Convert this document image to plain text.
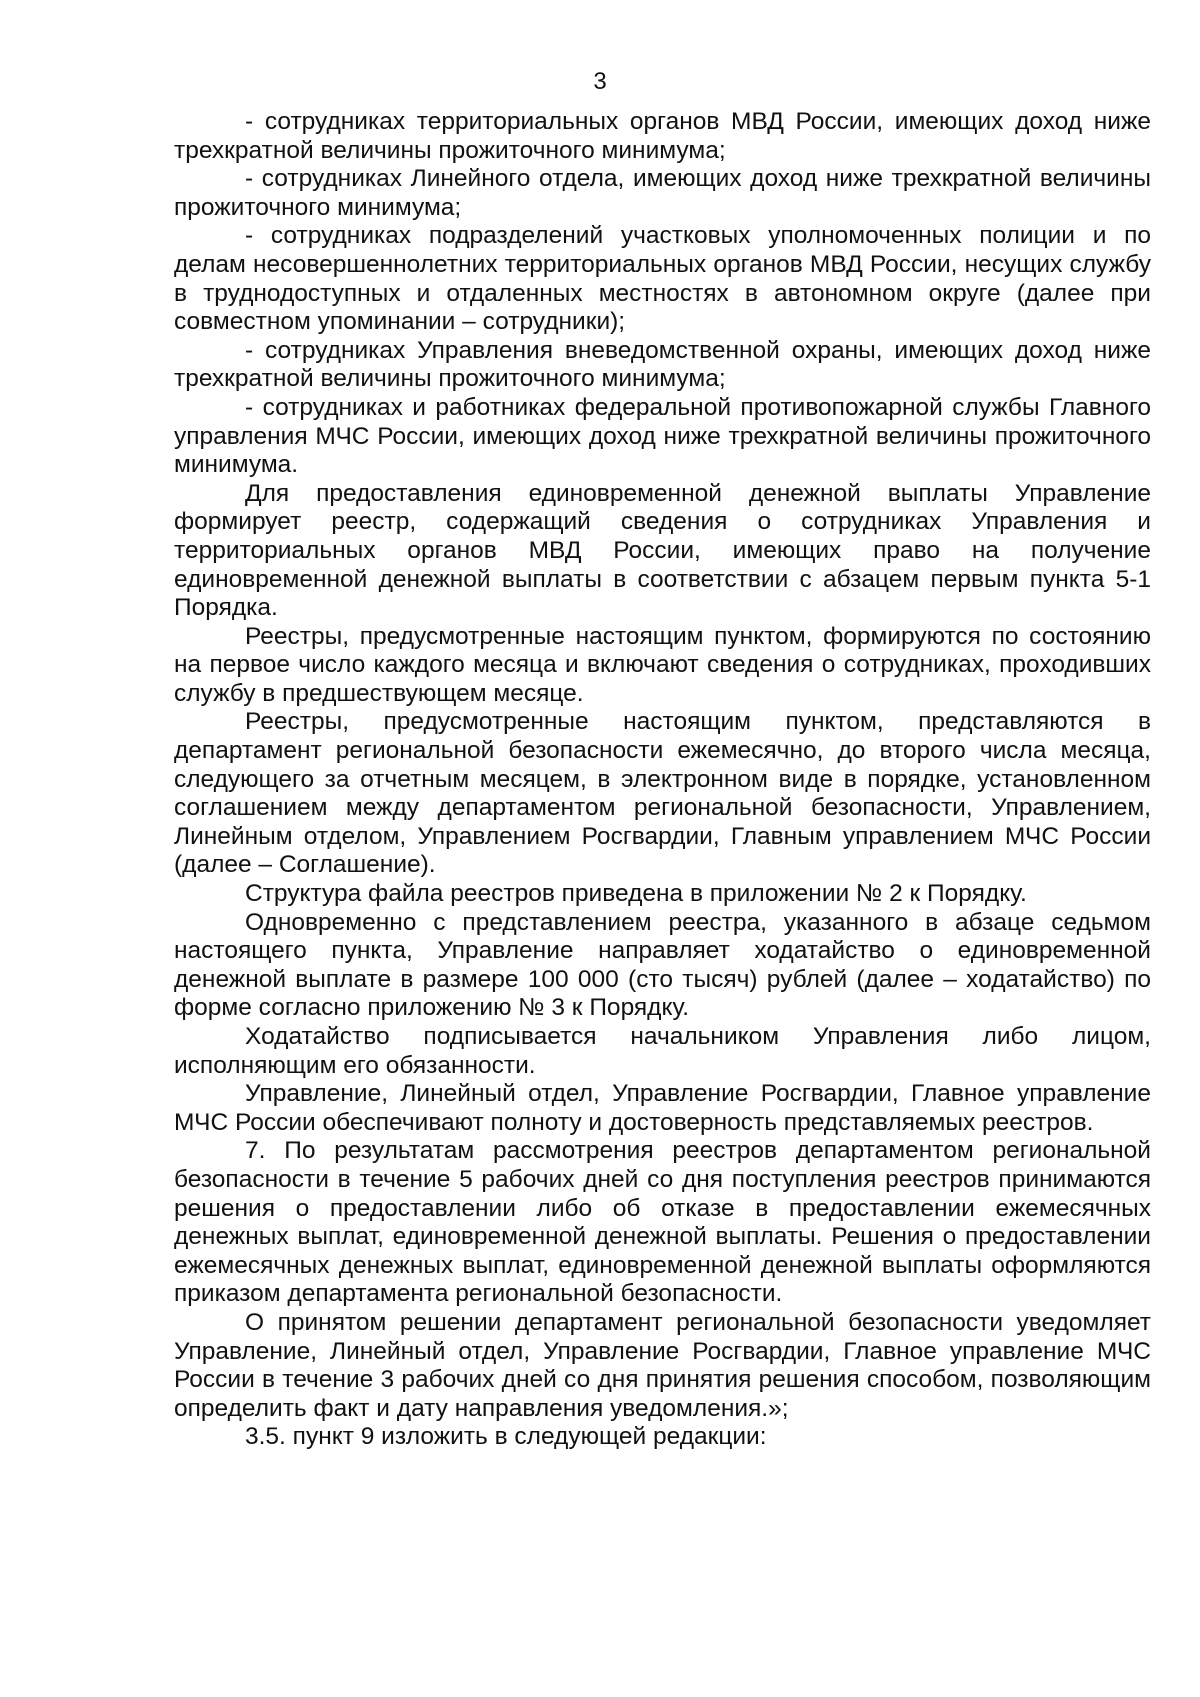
3

- сотрудниках территориальных органов МВД России, имеющих доход ниже трехкратной величины прожиточного минимума;

- сотрудниках Линейного отдела, имеющих доход ниже трехкратной величины прожиточного минимума;

- сотрудниках подразделений участковых уполномоченных полиции и по делам несовершеннолетних территориальных органов МВД России, несущих службу в труднодоступных и отдаленных местностях в автономном округе (далее при совместном упоминании – сотрудники);

- сотрудниках Управления вневедомственной охраны, имеющих доход ниже трехкратной величины прожиточного минимума;

- сотрудниках и работниках федеральной противопожарной службы Главного управления МЧС России, имеющих доход ниже трехкратной величины прожиточного минимума.

Для предоставления единовременной денежной выплаты Управление формирует реестр, содержащий сведения о сотрудниках Управления и территориальных органов МВД России, имеющих право на получение единовременной денежной выплаты в соответствии с абзацем первым пункта 5-1 Порядка.

Реестры, предусмотренные настоящим пунктом, формируются по состоянию на первое число каждого месяца и включают сведения о сотрудниках, проходивших службу в предшествующем месяце.

Реестры, предусмотренные настоящим пунктом, представляются в департамент региональной безопасности ежемесячно, до второго числа месяца, следующего за отчетным месяцем, в электронном виде в порядке, установленном соглашением между департаментом региональной безопасности, Управлением, Линейным отделом, Управлением Росгвардии, Главным управлением МЧС России (далее – Соглашение).

Структура файла реестров приведена в приложении № 2 к Порядку.

Одновременно с представлением реестра, указанного в абзаце седьмом настоящего пункта, Управление направляет ходатайство о единовременной денежной выплате в размере 100 000 (сто тысяч) рублей (далее – ходатайство) по форме согласно приложению № 3 к Порядку.

Ходатайство подписывается начальником Управления либо лицом, исполняющим его обязанности.

Управление, Линейный отдел, Управление Росгвардии, Главное управление МЧС России обеспечивают полноту и достоверность представляемых реестров.

7. По результатам рассмотрения реестров департаментом региональной безопасности в течение 5 рабочих дней со дня поступления реестров принимаются решения о предоставлении либо об отказе в предоставлении ежемесячных денежных выплат, единовременной денежной выплаты. Решения о предоставлении ежемесячных денежных выплат, единовременной денежной выплаты оформляются приказом департамента региональной безопасности.

О принятом решении департамент региональной безопасности уведомляет Управление, Линейный отдел, Управление Росгвардии, Главное управление МЧС России в течение 3 рабочих дней со дня принятия решения способом, позволяющим определить факт и дату направления уведомления.»;

3.5. пункт 9 изложить в следующей редакции:
